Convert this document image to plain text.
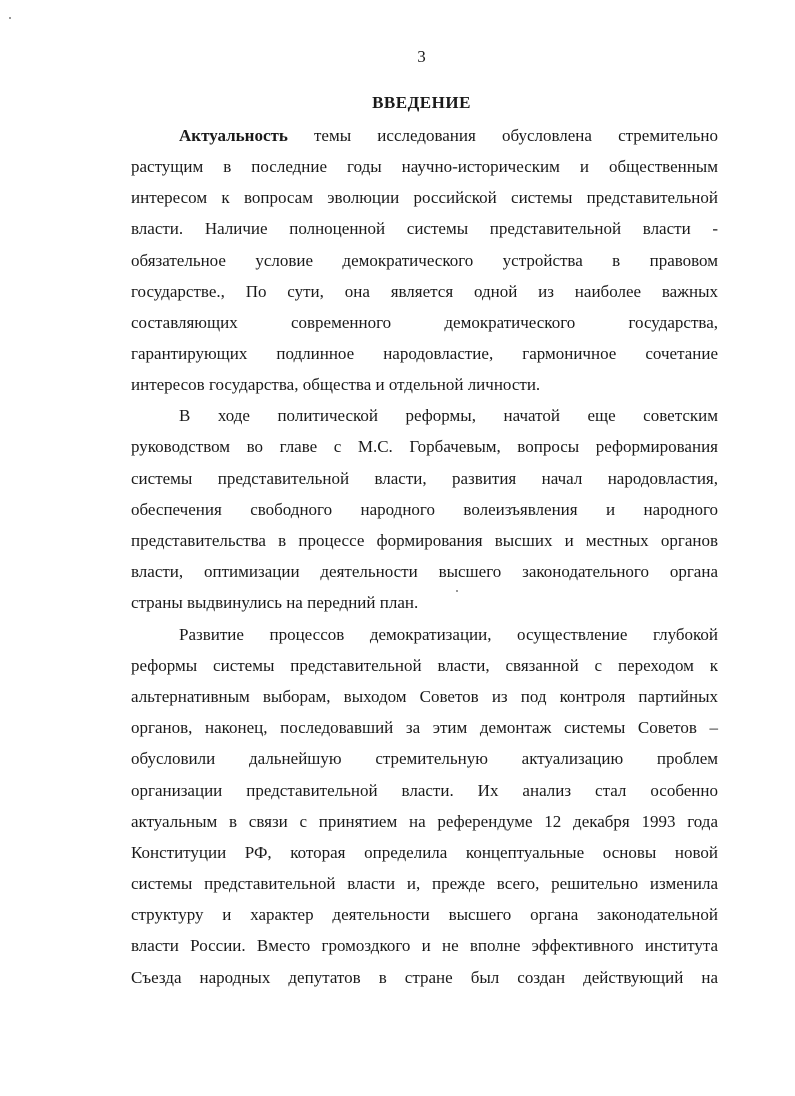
3
ВВЕДЕНИЕ
Актуальность темы исследования обусловлена стремительно
растущим в последние годы научно-историческим и общественным
интересом к вопросам эволюции российской системы представительной
власти. Наличие полноценной системы представительной власти -
обязательное условие демократического устройства в правовом
государстве., По сути, она является одной из наиболее важных
составляющих современного демократического государства,
гарантирующих подлинное народовластие, гармоничное сочетание
интересов государства, общества и отдельной личности.
В ходе политической реформы, начатой еще советским
руководством во главе с М.С. Горбачевым, вопросы реформирования
системы представительной власти, развития начал народовластия,
обеспечения свободного народного волеизъявления и народного
представительства в процессе формирования высших и местных органов
власти, оптимизации деятельности высшего законодательного органа
страны выдвинулись на передний план.
Развитие процессов демократизации, осуществление глубокой
реформы системы представительной власти, связанной с переходом к
альтернативным выборам, выходом Советов из под контроля партийных
органов, наконец, последовавший за этим демонтаж системы Советов –
обусловили дальнейшую стремительную актуализацию проблем
организации представительной власти. Их анализ стал особенно
актуальным в связи с принятием на референдуме 12 декабря 1993 года
Конституции РФ, которая определила концептуальные основы новой
системы представительной власти и, прежде всего, решительно изменила
структуру и характер деятельности высшего органа законодательной
власти России. Вместо громоздкого и не вполне эффективного института
Съезда народных депутатов в стране был создан действующий на
